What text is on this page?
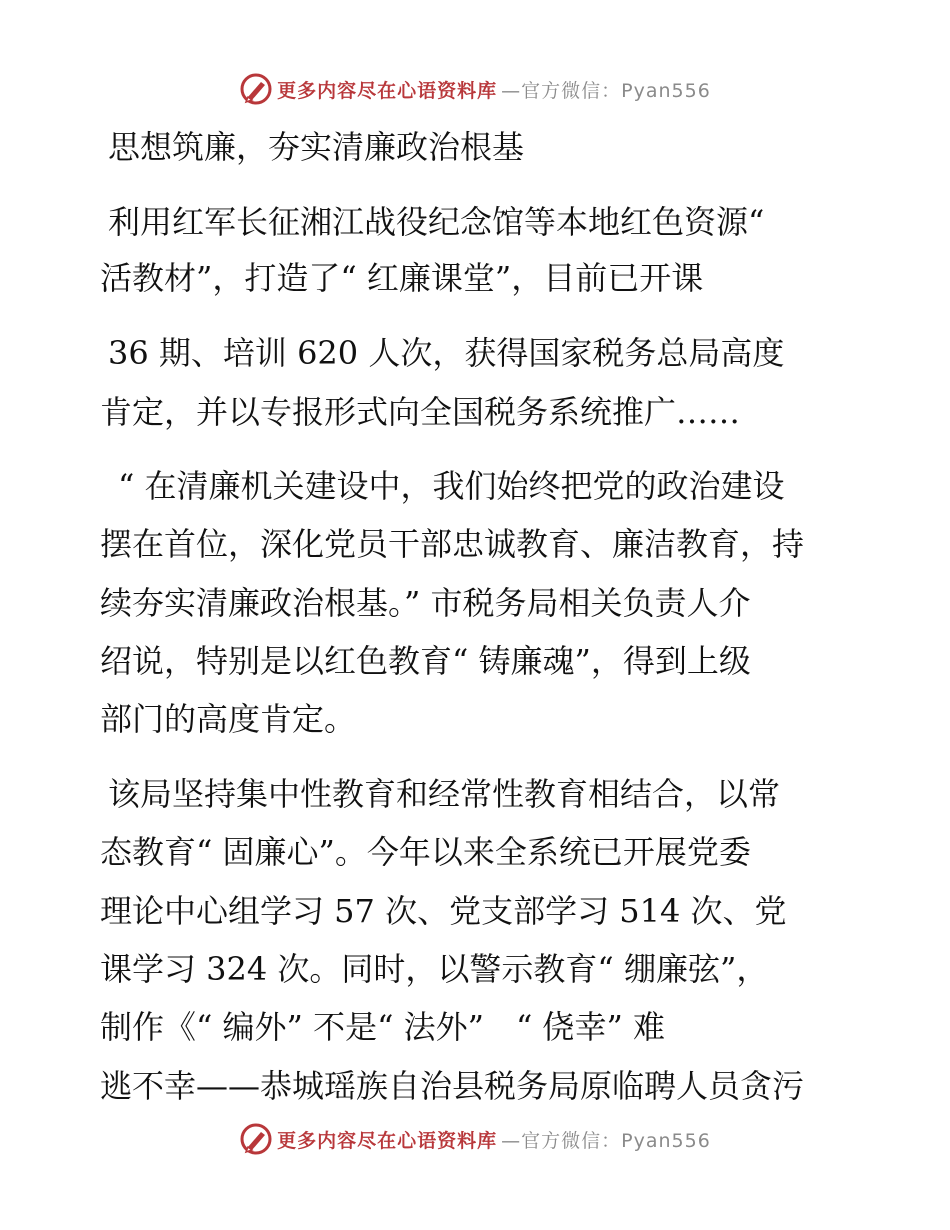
更多内容尽在心语资料库 —官方微信：Pyan556
思想筑廉，夯实清廉政治根基
利用红军长征湘江战役纪念馆等本地红色资源“
活教材”，打造了“ 红廉课堂”，目前已开课
36 期、培训 620 人次，获得国家税务总局高度
肯定，并以专报形式向全国税务系统推广……
“ 在清廉机关建设中，我们始终把党的政治建设
摆在首位，深化党员干部忠诚教育、廉洁教育，持
续夯实清廉政治根基。” 市税务局相关负责人介
绍说，特别是以红色教育“ 铸廉魂”，得到上级
部门的高度肯定。
该局坚持集中性教育和经常性教育相结合，以常
态教育“ 固廉心”。今年以来全系统已开展党委
理论中心组学习 57 次、党支部学习 514 次、党
课学习 324 次。同时，以警示教育“ 绷廉弦”，
制作《“ 编外” 不是“ 法外”　“ 侥幸” 难
逃不幸——恭城瑶族自治县税务局原临聘人员贪污
更多内容尽在心语资料库 —官方微信：Pyan556
